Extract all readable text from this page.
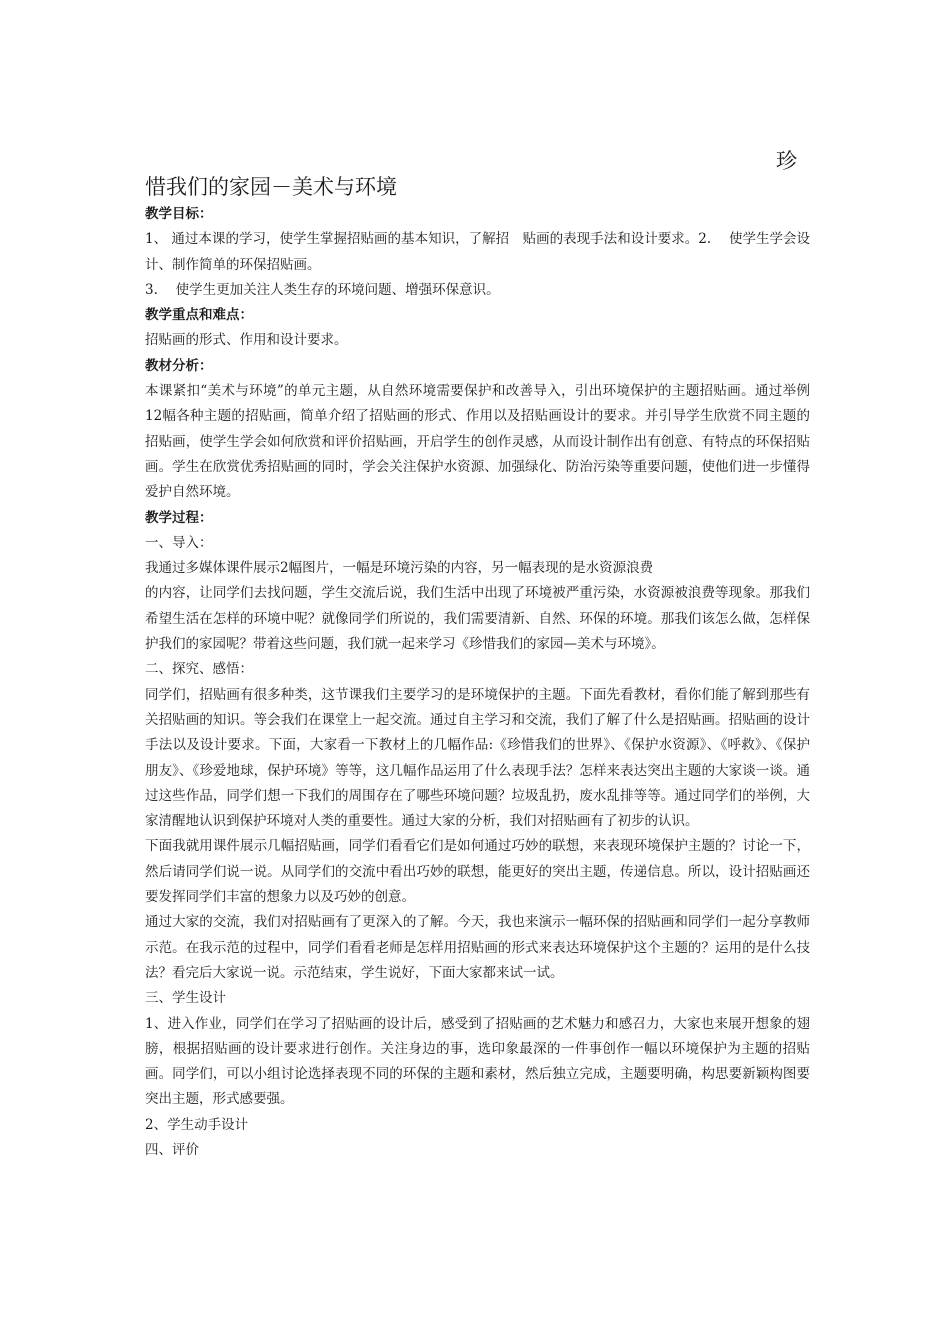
珍
惜我们的家园－美术与环境

教学目标：

1、 通过本课的学习，使学生掌握招贴画的基本知识，了解招　贴画的表现手法和设计要求。2.　 使学生学会设计、制作简单的环保招贴画。

3.　 使学生更加关注人类生存的环境问题、增强环保意识。

教学重点和难点：

招贴画的形式、作用和设计要求。

教材分析：

本课紧扣“美术与环境”的单元主题，从自然环境需要保护和改善导入，引出环境保护的主题招贴画。通过举例12幅各种主题的招贴画，简单介绍了招贴画的形式、作用以及招贴画设计的要求。并引导学生欣赏不同主题的招贴画，使学生学会如何欣赏和评价招贴画，开启学生的创作灵感，从而设计制作出有创意、有特点的环保招贴画。学生在欣赏优秀招贴画的同时，学会关注保护水资源、加强绿化、防治污染等重要问题，使他们进一步懂得爱护自然环境。

教学过程：

一、导入：

我通过多媒体课件展示2幅图片，一幅是环境污染的内容，另一幅表现的是水资源浪费

的内容，让同学们去找问题，学生交流后说，我们生活中出现了环境被严重污染，水资源被浪费等现象。那我们希望生活在怎样的环境中呢？就像同学们所说的，我们需要清新、自然、环保的环境。那我们该怎么做，怎样保护我们的家园呢？带着这些问题，我们就一起来学习《珍惜我们的家园—美术与环境》。

二、探究、感悟：

同学们，招贴画有很多种类，这节课我们主要学习的是环境保护的主题。下面先看教材，看你们能了解到那些有关招贴画的知识。等会我们在课堂上一起交流。通过自主学习和交流，我们了解了什么是招贴画。招贴画的设计手法以及设计要求。下面，大家看一下教材上的几幅作品:《珍惜我们的世界》、《保护水资源》、《呼救》、《保护朋友》、《珍爱地球，保护环境》等等，这几幅作品运用了什么表现手法？怎样来表达突出主题的大家谈一谈。通过这些作品，同学们想一下我们的周围存在了哪些环境问题？垃圾乱扔，废水乱排等等。通过同学们的举例，大家清醒地认识到保护环境对人类的重要性。通过大家的分析，我们对招贴画有了初步的认识。

下面我就用课件展示几幅招贴画，同学们看看它们是如何通过巧妙的联想，来表现环境保护主题的？讨论一下，然后请同学们说一说。从同学们的交流中看出巧妙的联想，能更好的突出主题，传递信息。所以，设计招贴画还要发挥同学们丰富的想象力以及巧妙的创意。

通过大家的交流，我们对招贴画有了更深入的了解。今天，我也来演示一幅环保的招贴画和同学们一起分享教师示范。在我示范的过程中，同学们看看老师是怎样用招贴画的形式来表达环境保护这个主题的？运用的是什么技法？看完后大家说一说。示范结束，学生说好，下面大家都来试一试。

三、学生设计

1、进入作业，同学们在学习了招贴画的设计后，感受到了招贴画的艺术魅力和感召力，大家也来展开想象的翅膀，根据招贴画的设计要求进行创作。关注身边的事，选印象最深的一件事创作一幅以环境保护为主题的招贴画。同学们，可以小组讨论选择表现不同的环保的主题和素材，然后独立完成，主题要明确，构思要新颖构图要突出主题，形式感要强。

2、学生动手设计

四、评价
